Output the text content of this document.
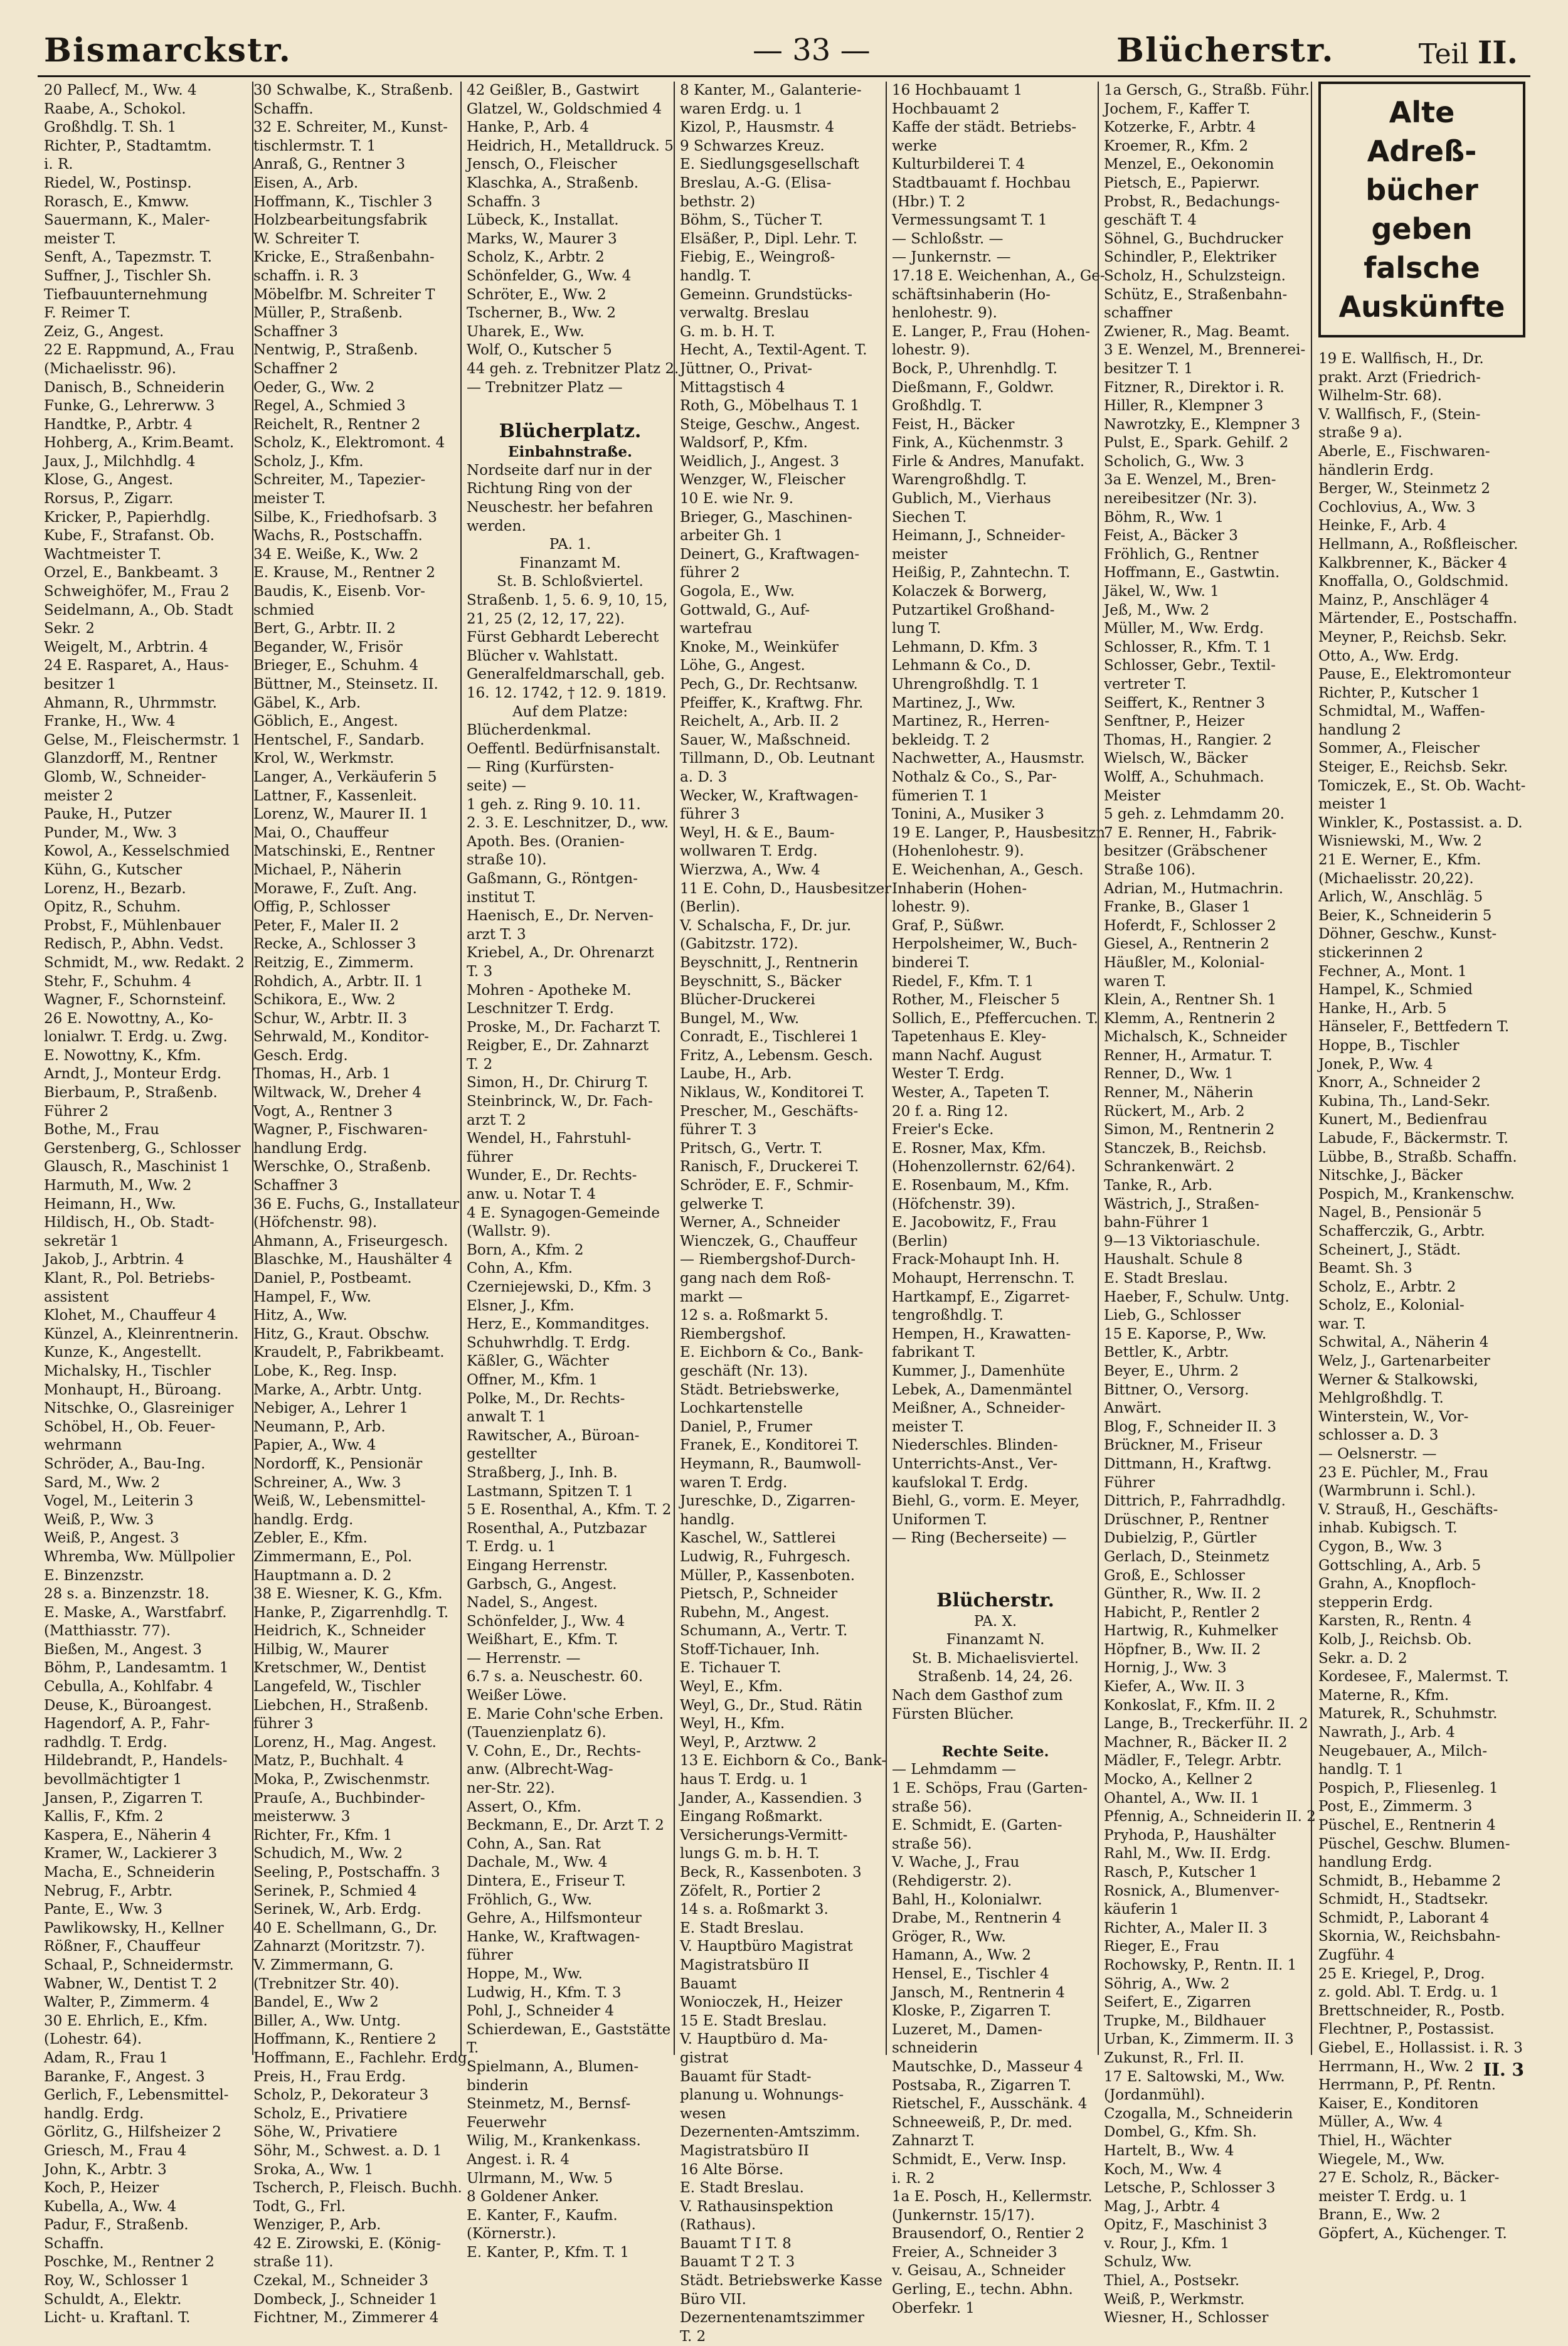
Bismarckstr.	— 33 —	Blücherstr.	Teil II.
20 Pallecf, M., Ww. 4
Raabe, A., Schokol.
Großhdlg. T. Sh. 1
Richter, P., Stadtamtm.
i. R.
Riedel, W., Postinsp.
Rorasch, E., Kmww.
Sauermann, K., Maler-
meister T.
Senft, A., Tapezmstr. T.
Suffner, J., Tischler Sh.
Tiefbauunternehmung
F. Reimer T.
Zeiz, G., Angest.
22 E. Rappmund, A., Frau
(Michaelisstr. 96).
Danisch, B., Schneiderin
Funke, G., Lehrerww. 3
Handtke, P., Arbtr. 4
Hohberg, A., Krim.Beamt.
Jaux, J., Milchhdlg. 4
Klose, G., Angest.
Rorsus, P., Zigarr.
Kricker, P., Papierhdlg.
Kube, F., Strafanst. Ob.
Wachtmeister T.
Orzel, E., Bankbeamt. 3
Schweighöfer, M., Frau 2
Seidelmann, A., Ob. Stadt
Sekr. 2
Weigelt, M., Arbtrin. 4
24 E. Rasparet, A., Haus-
besitzer 1
Ahmann, R., Uhrmmstr.
Franke, H., Ww. 4
Gelse, M., Fleischermstr. 1
Glanzdorff, M., Rentner
Glomb, W., Schneider-
meister 2
Pauke, H., Putzer
Punder, M., Ww. 3
Kowol, A., Kesselschmied
Kühn, G., Kutscher
Lorenz, H., Bezarb.
Opitz, R., Schuhm.
Probst, F., Mühlenbauer
Redisch, P., Abhn. Vedst.
Schmidt, M., ww. Redakt. 2
Stehr, F., Schuhm. 4
Wagner, F., Schornsteinf.
26 E. Nowottny, A., Ko-
lonialwr. T. Erdg. u. Zwg.
E. Nowottny, K., Kfm.
Arndt, J., Monteur Erdg.
Bierbaum, P., Straßenb.
Führer 2
Bothe, M., Frau
Gerstenberg, G., Schlosser
Glausch, R., Maschinist 1
Harmuth, M., Ww. 2
Heimann, H., Ww.
Hildisch, H., Ob. Stadt-
sekretär 1
Jakob, J., Arbtrin. 4
Klant, R., Pol. Betriebs-
assistent
Klohet, M., Chauffeur 4
Künzel, A., Kleinrentnerin.
Kunze, K., Angestellt.
Michalsky, H., Tischler
Monhaupt, H., Büroang.
Nitschke, O., Glasreiniger
Schöbel, H., Ob. Feuer-
wehrmann
Schröder, A., Bau-Ing.
Sard, M., Ww. 2
Vogel, M., Leiterin 3
Weiß, P., Ww. 3
Weiß, P., Angest. 3
Whremba, Ww. Müllpolier
E. Binzenzstr.
28 s. a. Binzenzstr. 18.
E. Maske, A., Warstfabrf.
(Matthiasstr. 77).
Bießen, M., Angest. 3
Böhm, P., Landesamtm. 1
Cebulla, A., Kohlfabr. 4
Deuse, K., Büroangest.
Hagendorf, A. P., Fahr-
radhdlg. T. Erdg.
Hildebrandt, P., Handels-
bevollmächtigter 1
Jansen, P., Zigarren T.
Kallis, F., Kfm. 2
Kaspera, E., Näherin 4
Kramer, W., Lackierer 3
Macha, E., Schneiderin
Nebrug, F., Arbtr.
Pante, E., Ww. 3
Pawlikowsky, H., Kellner
Rößner, F., Chauffeur
Schaal, P., Schneidermstr.
Wabner, W., Dentist T. 2
Walter, P., Zimmerm. 4
30 E. Ehrlich, E., Kfm.
(Lohestr. 64).
Adam, R., Frau 1
Baranke, F., Angest. 3
Gerlich, F., Lebensmittel-
handlg. Erdg.
Görlitz, G., Hilfsheizer 2
Griesch, M., Frau 4
John, K., Arbtr. 3
Koch, P., Heizer
Kubella, A., Ww. 4
Padur, F., Straßenb.
Schaffn.
Poschke, M., Rentner 2
Roy, W., Schlosser 1
Schuldt, A., Elektr.
Licht- u. Kraftanl. T.
30 Schwalbe, K., Straßenb.
Schaffn.
32 E. Schreiter, M., Kunst-
tischlermstr. T. 1
Anraß, G., Rentner 3
Eisen, A., Arb.
Hoffmann, K., Tischler 3
Holzbearbeitungsfabrik
W. Schreiter T.
Kricke, E., Straßenbahn-
schaffn. i. R. 3
Möbelfbr. M. Schreiter T
Müller, P., Straßenb.
Schaffner 3
Nentwig, P., Straßenb.
Schaffner 2
Oeder, G., Ww. 2
Regel, A., Schmied 3
Reichelt, R., Rentner 2
Scholz, K., Elektromont. 4
Scholz, J., Kfm.
Schreiter, M., Tapezier-
meister T.
Silbe, K., Friedhofsarb. 3
Wachs, R., Postschaffn.
34 E. Weiße, K., Ww. 2
E. Krause, M., Rentner 2
Baudis, K., Eisenb. Vor-
schmied
Bert, G., Arbtr. II. 2
Begander, W., Frisör
Brieger, E., Schuhm. 4
Büttner, M., Steinsetz. II.
Gäbel, K., Arb.
Göblich, E., Angest.
Hentschel, F., Sandarb.
Krol, W., Werkmstr.
Langer, A., Verkäuferin 5
Lattner, F., Kassenleit.
Lorenz, W., Maurer II. 1
Mai, O., Chauffeur
Matschinski, E., Rentner
Michael, P., Näherin
Morawe, F., Zuſt. Ang.
Offig, P., Schlosser
Peter, F., Maler II. 2
Recke, A., Schlosser 3
Reitzig, E., Zimmerm.
Rohdich, A., Arbtr. II. 1
Schikora, E., Ww. 2
Schur, W., Arbtr. II. 3
Sehrwald, M., Konditor-
Gesch. Erdg.
Thomas, H., Arb. 1
Wiltwack, W., Dreher 4
Vogt, A., Rentner 3
Wagner, P., Fischwaren-
handlung Erdg.
Werschke, O., Straßenb.
Schaffner 3
36 E. Fuchs, G., Installateur
(Höfchenstr. 98).
Ahmann, A., Friseurgesch.
Blaschke, M., Haushälter 4
Daniel, P., Postbeamt.
Hampel, F., Ww.
Hitz, A., Ww.
Hitz, G., Kraut. Obschw.
Kraudelt, P., Fabrikbeamt.
Lobe, K., Reg. Insp.
Marke, A., Arbtr. Untg.
Nebiger, A., Lehrer 1
Neumann, P., Arb.
Papier, A., Ww. 4
Nordorff, K., Pensionär
Schreiner, A., Ww. 3
Weiß, W., Lebensmittel-
handlg. Erdg.
Zebler, E., Kfm.
Zimmermann, E., Pol.
Hauptmann a. D. 2
38 E. Wiesner, K. G., Kfm.
Hanke, P., Zigarrenhdlg. T.
Heidrich, K., Schneider
Hilbig, W., Maurer
Kretschmer, W., Dentist
Langefeld, W., Tischler
Liebchen, H., Straßenb.
führer 3
Lorenz, H., Mag. Angest.
Matz, P., Buchhalt. 4
Moka, P., Zwischenmstr.
Prauſe, A., Buchbinder-
meisterww. 3
Richter, Fr., Kfm. 1
Schudich, M., Ww. 2
Seeling, P., Postschaffn. 3
Serinek, P., Schmied 4
Serinek, W., Arb. Erdg.
40 E. Schellmann, G., Dr.
Zahnarzt (Moritzstr. 7).
V. Zimmermann, G.
(Trebnitzer Str. 40).
Bandel, E., Ww 2
Biller, A., Ww. Untg.
Hoffmann, K., Rentiere 2
Hoffmann, E., Fachlehr. Erdg.
Preis, H., Frau Erdg.
Scholz, P., Dekorateur 3
Scholz, E., Privatiere
Söhe, W., Privatiere
Söhr, M., Schwest. a. D. 1
Sroka, A., Ww. 1
Tscherch, P., Fleisch. Buchh.
Todt, G., Frl.
Wenziger, P., Arb.
42 E. Zirowski, E. (König-
straße 11).
Czekal, M., Schneider 3
Dombeck, J., Schneider 1
Fichtner, M., Zimmerer 4
42 Geißler, B., Gastwirt
Glatzel, W., Goldschmied 4
Hanke, P., Arb. 4
Heidrich, H., Metalldruck. 5
Jensch, O., Fleischer
Klaschka, A., Straßenb.
Schaffn. 3
Lübeck, K., Installat.
Marks, W., Maurer 3
Scholz, K., Arbtr. 2
Schönfelder, G., Ww. 4
Schröter, E., Ww. 2
Tscherner, B., Ww. 2
Uharek, E., Ww.
Wolf, O., Kutscher 5
44 geh. z. Trebnitzer Platz 2.
— Trebnitzer Platz —

Blücherplatz.
Einbahnstraße.
Nordseite darf nur in der
Richtung Ring von der
Neuschestr. her befahren
werden.
PA. 1.
Finanzamt M.
St. B. Schloßviertel.
Straßenb. 1, 5. 6. 9, 10, 15,
21, 25 (2, 12, 17, 22).
Fürst Gebhardt Leberecht
Blücher v. Wahlstatt.
Generalfeldmarschall, geb.
16. 12. 1742, † 12. 9. 1819.
Auf dem Platze:
Blücherdenkmal.
Oeffentl. Bedürfnisanstalt.
— Ring (Kurfürsten-
seite) —
1 geh. z. Ring 9. 10. 11.
2. 3. E. Leschnitzer, D., ww.
Apoth. Bes. (Oranien-
straße 10).
Gaßmann, G., Röntgen-
institut T.
Haenisch, E., Dr. Nerven-
arzt T. 3
Kriebel, A., Dr. Ohrenarzt
T. 3
Mohren - Apotheke M.
Leschnitzer T. Erdg.
Proske, M., Dr. Facharzt T.
Reigber, E., Dr. Zahnarzt
T. 2
Simon, H., Dr. Chirurg T.
Steinbrinck, W., Dr. Fach-
arzt T. 2
Wendel, H., Fahrstuhl-
führer
Wunder, E., Dr. Rechts-
anw. u. Notar T. 4
4 E. Synagogen-Gemeinde
(Wallstr. 9).
Born, A., Kfm. 2
Cohn, A., Kfm.
Czerniejewski, D., Kfm. 3
Elsner, J., Kfm.
Herz, E., Kommanditges.
Schuhwrhdlg. T. Erdg.
Käßler, G., Wächter
Offner, M., Kfm. 1
Polke, M., Dr. Rechts-
anwalt T. 1
Rawitscher, A., Büroan-
gestellter
Straßberg, J., Inh. B.
Lastmann, Spitzen T. 1
5 E. Rosenthal, A., Kfm. T. 2
Rosenthal, A., Putzbazar
T. Erdg. u. 1
Eingang Herrenstr.
Garbsch, G., Angest.
Nadel, S., Angest.
Schönfelder, J., Ww. 4
Weißhart, E., Kfm. T.
— Herrenstr. —
6.7 s. a. Neuschestr. 60.
Weißer Löwe.
E. Marie Cohn'sche Erben.
(Tauenzienplatz 6).
V. Cohn, E., Dr., Rechts-
anw. (Albrecht-Wag-
ner-Str. 22).
Assert, O., Kfm.
Beckmann, E., Dr. Arzt T. 2
Cohn, A., San. Rat
Dachale, M., Ww. 4
Dintera, E., Friseur T.
Fröhlich, G., Ww.
Gehre, A., Hilfsmonteur
Hanke, W., Kraftwagen-
führer
Hoppe, M., Ww.
Ludwig, H., Kfm. T. 3
Pohl, J., Schneider 4
Schierdewan, E., Gaststätte
T.
Spielmann, A., Blumen-
binderin
Steinmetz, M., Bernsf-
Feuerwehr
Wilig, M., Krankenkass.
Angest. i. R. 4
Ulrmann, M., Ww. 5
8 Goldener Anker.
E. Kanter, F., Kaufm.
(Körnerstr.).
E. Kanter, P., Kfm. T. 1
8 Kanter, M., Galanterie-
waren Erdg. u. 1
Kizol, P., Hausmstr. 4
9 Schwarzes Kreuz.
E. Siedlungsgesellschaft
Breslau, A.-G. (Elisa-
bethstr. 2)
Böhm, S., Tücher T.
Elsäßer, P., Dipl. Lehr. T.
Fiebig, E., Weingroß-
handlg. T.
Gemeinn. Grundstücks-
verwaltg. Breslau
G. m. b. H. T.
Hecht, A., Textil-Agent. T.
Jüttner, O., Privat-
Mittagstisch 4
Roth, G., Möbelhaus T. 1
Steige, Geschw., Angest.
Waldsorf, P., Kfm.
Weidlich, J., Angest. 3
Wenzger, W., Fleischer
10 E. wie Nr. 9.
Brieger, G., Maschinen-
arbeiter Gh. 1
Deinert, G., Kraftwagen-
führer 2
Gogola, E., Ww.
Gottwald, G., Auf-
wartefrau
Knoke, M., Weinküfer
Löhe, G., Angest.
Pech, G., Dr. Rechtsanw.
Pfeiffer, K., Kraftwg. Fhr.
Reichelt, A., Arb. II. 2
Sauer, W., Maßschneid.
Tillmann, D., Ob. Leutnant
a. D. 3
Wecker, W., Kraftwagen-
führer 3
Weyl, H. & E., Baum-
wollwaren T. Erdg.
Wierzwa, A., Ww. 4
11 E. Cohn, D., Hausbesitzer
(Berlin).
V. Schalscha, F., Dr. jur.
(Gabitzstr. 172).
Beyschnitt, J., Rentnerin
Beyschnitt, S., Bäcker
Blücher-Druckerei
Bungel, M., Ww.
Conradt, E., Tischlerei 1
Fritz, A., Lebensm. Gesch.
Laube, H., Arb.
Niklaus, W., Konditorei T.
Prescher, M., Geschäfts-
führer T. 3
Pritsch, G., Vertr. T.
Ranisch, F., Druckerei T.
Schröder, E. F., Schmir-
gelwerke T.
Werner, A., Schneider
Wienczek, G., Chauffeur
— Riembergshof-Durch-
gang nach dem Roß-
markt —
12 s. a. Roßmarkt 5.
Riembergshof.
E. Eichborn & Co., Bank-
geschäft (Nr. 13).
Städt. Betriebswerke,
Lochkartenstelle
Daniel, P., Frumer
Franek, E., Konditorei T.
Heymann, R., Baumwoll-
waren T. Erdg.
Jureschke, D., Zigarren-
handlg.
Kaschel, W., Sattlerei
Ludwig, R., Fuhrgesch.
Müller, P., Kassenboten.
Pietsch, P., Schneider
Rubehn, M., Angest.
Schumann, A., Vertr. T.
Stoff-Tichauer, Inh.
E. Tichauer T.
Weyl, E., Kfm.
Weyl, G., Dr., Stud. Rätin
Weyl, H., Kfm.
Weyl, P., Arztww. 2
13 E. Eichborn & Co., Bank-
haus T. Erdg. u. 1
Jander, A., Kassendien. 3
Eingang Roßmarkt.
Versicherungs-Vermitt-
lungs G. m. b. H. T.
Beck, R., Kassenboten. 3
Zöfelt, R., Portier 2
14 s. a. Roßmarkt 3.
E. Stadt Breslau.
V. Hauptbüro Magistrat
Magistratsbüro II
Bauamt
Wonioczek, H., Heizer
15 E. Stadt Breslau.
V. Hauptbüro d. Ma-
gistrat
Bauamt für Stadt-
planung u. Wohnungs-
wesen
Dezernenten-Amtszimm.
Magistratsbüro II
16 Alte Börse.
E. Stadt Breslau.
V. Rathausinspektion
(Rathaus).
Bauamt T I T. 8
Bauamt T 2 T. 3
Städt. Betriebswerke Kasse
Büro VII.
Dezernentenamtszimmer
T. 2
16 Hochbauamt 1
Hochbauamt 2
Kaffe der städt. Betriebs-
werke
Kulturbilderei T. 4
Stadtbauamt f. Hochbau
(Hbr.) T. 2
Vermessungsamt T. 1
— Schloßstr. —
— Junkernstr. —
17.18 E. Weichenhan, A., Ge-
schäftsinhaberin (Ho-
henlohestr. 9).
E. Langer, P., Frau (Hohen-
lohestr. 9).
Bock, P., Uhrenhdlg. T.
Dießmann, F., Goldwr.
Großhdlg. T.
Feist, H., Bäcker
Fink, A., Küchenmstr. 3
Firle & Andres, Manufakt.
Warengroßhdlg. T.
Gublich, M., Vierhaus
Siechen T.
Heimann, J., Schneider-
meister
Heißig, P., Zahntechn. T.
Kolaczek & Borwerg,
Putzartikel Großhand-
lung T.
Lehmann, D. Kfm. 3
Lehmann & Co., D.
Uhrengroßhdlg. T. 1
Martinez, J., Ww.
Martinez, R., Herren-
bekleidg. T. 2
Nachwetter, A., Hausmstr.
Nothalz & Co., S., Par-
fümerien T. 1
Tonini, A., Musiker 3
19 E. Langer, P., Hausbesitzn.
(Hohenlohestr. 9).
E. Weichenhan, A., Gesch.
Inhaberin (Hohen-
lohestr. 9).
Graf, P., Süßwr.
Herpolsheimer, W., Buch-
binderei T.
Riedel, F., Kfm. T. 1
Rother, M., Fleischer 5
Sollich, E., Pfeffercuchen. T.
Tapetenhaus E. Kley-
mann Nachf. August
Wester T. Erdg.
Wester, A., Tapeten T.
20 f. a. Ring 12.
Freier's Ecke.
E. Rosner, Max, Kfm.
(Hohenzollernstr. 62/64).
E. Rosenbaum, M., Kfm.
(Höfchenstr. 39).
E. Jacobowitz, F., Frau
(Berlin)
Frack-Mohaupt Inh. H.
Mohaupt, Herrenschn. T.
Hartkampf, E., Zigarret-
tengroßhdlg. T.
Hempen, H., Krawatten-
fabrikant T.
Kummer, J., Damenhüte
Lebek, A., Damenmäntel
Meißner, A., Schneider-
meister T.
Niederschles. Blinden-
Unterrichts-Anst., Ver-
kaufslokal T. Erdg.
Biehl, G., vorm. E. Meyer,
Uniformen T.
— Ring (Becherseite) —

Blücherstr.
PA. X.
Finanzamt N.
St. B. Michaelisviertel.
Straßenb. 14, 24, 26.
Nach dem Gasthof zum
Fürsten Blücher.

Rechte Seite.
— Lehmdamm —
1 E. Schöps, Frau (Garten-
straße 56).
E. Schmidt, E. (Garten-
straße 56).
V. Wache, J., Frau
(Rehdigerstr. 2).
Bahl, H., Kolonialwr.
Drabe, M., Rentnerin 4
Gröger, R., Ww.
Hamann, A., Ww. 2
Hensel, E., Tischler 4
Jansch, M., Rentnerin 4
Kloske, P., Zigarren T.
Luzeret, M., Damen-
schneiderin
Mautschke, D., Masseur 4
Postsaba, R., Zigarren T.
Rietschel, F., Ausschänk. 4
Schneeweiß, P., Dr. med.
Zahnarzt T.
Schmidt, E., Verw. Insp.
i. R. 2
1a E. Posch, H., Kellermstr.
(Junkernstr. 15/17).
Brausendorf, O., Rentier 2
Freier, A., Schneider 3
v. Geisau, A., Schneider
Gerling, E., techn. Abhn.
Oberfekr. 1
1a Gersch, G., Straßb. Führ.
Jochem, F., Kaffer T.
Kotzerke, F., Arbtr. 4
Kroemer, R., Kfm. 2
Menzel, E., Oekonomin
Pietsch, E., Papierwr.
Probst, R., Bedachungs-
geschäft T. 4
Söhnel, G., Buchdrucker
Schindler, P., Elektriker
Scholz, H., Schulzsteign.
Schütz, E., Straßenbahn-
schaffner
Zwiener, R., Mag. Beamt.
3 E. Wenzel, M., Brennerei-
besitzer T. 1
Fitzner, R., Direktor i. R.
Hiller, R., Klempner 3
Nawrotzky, E., Klempner 3
Pulst, E., Spark. Gehilf. 2
Scholich, G., Ww. 3
3a E. Wenzel, M., Bren-
nereibesitzer (Nr. 3).
Böhm, R., Ww. 1
Feist, A., Bäcker 3
Fröhlich, G., Rentner
Hoffmann, E., Gastwtin.
Jäkel, W., Ww. 1
Jeß, M., Ww. 2
Müller, M., Ww. Erdg.
Schlosser, R., Kfm. T. 1
Schlosser, Gebr., Textil-
vertreter T.
Seiffert, K., Rentner 3
Senftner, P., Heizer
Thomas, H., Rangier. 2
Wielsch, W., Bäcker
Wolff, A., Schuhmach.
Meister
5 geh. z. Lehmdamm 20.
7 E. Renner, H., Fabrik-
besitzer (Gräbschener
Straße 106).
Adrian, M., Hutmachrin.
Franke, B., Glaser 1
Hoferdt, F., Schlosser 2
Giesel, A., Rentnerin 2
Häußler, M., Kolonial-
waren T.
Klein, A., Rentner Sh. 1
Klemm, A., Rentnerin 2
Michalsch, K., Schneider
Renner, H., Armatur. T.
Renner, D., Ww. 1
Renner, M., Näherin
Rückert, M., Arb. 2
Simon, M., Rentnerin 2
Stanczek, B., Reichsb.
Schrankenwärt. 2
Tanke, R., Arb.
Wästrich, J., Straßen-
bahn-Führer 1
9—13 Viktoriaschule.
Haushalt. Schule 8
E. Stadt Breslau.
Haeber, F., Schulw. Untg.
Lieb, G., Schlosser
15 E. Kaporse, P., Ww.
Bettler, K., Arbtr.
Beyer, E., Uhrm. 2
Bittner, O., Versorg.
Anwärt.
Blog, F., Schneider II. 3
Brückner, M., Friseur
Dittmann, H., Kraftwg.
Führer
Dittrich, P., Fahrradhdlg.
Drüschner, P., Rentner
Dubielzig, P., Gürtler
Gerlach, D., Steinmetz
Groß, E., Schlosser
Günther, R., Ww. II. 2
Habicht, P., Rentler 2
Hartwig, R., Kuhmelker
Höpfner, B., Ww. II. 2
Hornig, J., Ww. 3
Kiefer, A., Ww. II. 3
Konkoslat, F., Kfm. II. 2
Lange, B., Treckerführ. II. 2
Machner, R., Bäcker II. 2
Mädler, F., Telegr. Arbtr.
Mocko, A., Kellner 2
Ohantel, A., Ww. II. 1
Pfennig, A., Schneiderin II. 2
Pryhoda, P., Haushälter
Rahl, M., Ww. II. Erdg.
Rasch, P., Kutscher 1
Rosnick, A., Blumenver-
käuferin 1
Richter, A., Maler II. 3
Rieger, E., Frau
Rochowsky, P., Rentn. II. 1
Söhrig, A., Ww. 2
Seifert, E., Zigarren
Trupke, M., Bildhauer
Urban, K., Zimmerm. II. 3
Zukunst, R., Frl. II.
17 E. Saltowski, M., Ww.
(Jordanmühl).
Czogalla, M., Schneiderin
Dombel, G., Kfm. Sh.
Hartelt, B., Ww. 4
Koch, M., Ww. 4
Letsche, P., Schlosser 3
Mag, J., Arbtr. 4
Opitz, F., Maschinist 3
v. Rour, J., Kfm. 1
Schulz, Ww.
Thiel, A., Postsekr.
Weiß, P., Werkmstr.
Wiesner, H., Schlosser
Alte
Adreß-
bücher
geben
falsche
Auskünfte
19 E. Wallfisch, H., Dr.
prakt. Arzt (Friedrich-
Wilhelm-Str. 68).
V. Wallfisch, F., (Stein-
straße 9 a).
Aberle, E., Fischwaren-
händlerin Erdg.
Berger, W., Steinmetz 2
Cochlovius, A., Ww. 3
Heinke, F., Arb. 4
Hellmann, A., Roßfleischer.
Kalkbrenner, K., Bäcker 4
Knoffalla, O., Goldschmid.
Mainz, P., Anschläger 4
Märtender, E., Postschaffn.
Meyner, P., Reichsb. Sekr.
Otto, A., Ww. Erdg.
Pause, E., Elektromonteur
Richter, P., Kutscher 1
Schmidtal, M., Waffen-
handlung 2
Sommer, A., Fleischer
Steiger, E., Reichsb. Sekr.
Tomiczek, E., St. Ob. Wacht-
meister 1
Winkler, K., Postassist. a. D.
Wisniewski, M., Ww. 2
21 E. Werner, E., Kfm.
(Michaelisstr. 20,22).
Arlich, W., Anschläg. 5
Beier, K., Schneiderin 5
Döhner, Geschw., Kunst-
stickerinnen 2
Fechner, A., Mont. 1
Hampel, K., Schmied
Hanke, H., Arb. 5
Hänseler, F., Bettfedern T.
Hoppe, B., Tischler
Jonek, P., Ww. 4
Knorr, A., Schneider 2
Kubina, Th., Land-Sekr.
Kunert, M., Bedienfrau
Labude, F., Bäckermstr. T.
Lübbe, B., Straßb. Schaffn.
Nitschke, J., Bäcker
Pospich, M., Krankenschw.
Nagel, B., Pensionär 5
Schafferczik, G., Arbtr.
Scheinert, J., Städt.
Beamt. Sh. 3
Scholz, E., Arbtr. 2
Scholz, E., Kolonial-
war. T.
Schwital, A., Näherin 4
Welz, J., Gartenarbeiter
Werner & Stalkowski,
Mehlgroßhdlg. T.
Winterstein, W., Vor-
schlosser a. D. 3
— Oelsnerstr. —
23 E. Püchler, M., Frau
(Warmbrunn i. Schl.).
V. Strauß, H., Geschäfts-
inhab. Kubigsch. T.
Cygon, B., Ww. 3
Gottschling, A., Arb. 5
Grahn, A., Knopfloch-
stepperin Erdg.
Karsten, R., Rentn. 4
Kolb, J., Reichsb. Ob.
Sekr. a. D. 2
Kordesee, F., Malermst. T.
Materne, R., Kfm.
Maturek, R., Schuhmstr.
Nawrath, J., Arb. 4
Neugebauer, A., Milch-
handlg. T. 1
Pospich, P., Fliesenleg. 1
Post, E., Zimmerm. 3
Püschel, E., Rentnerin 4
Püschel, Geschw. Blumen-
handlung Erdg.
Schmidt, B., Hebamme 2
Schmidt, H., Stadtsekr.
Schmidt, P., Laborant 4
Skornia, W., Reichsbahn-
Zugführ. 4
25 E. Kriegel, P., Drog.
z. gold. Abl. T. Erdg. u. 1
Brettschneider, R., Postb.
Flechtner, P., Postassist.
Giebel, E., Hollassist. i. R. 3
Herrmann, H., Ww. 2
Herrmann, P., Pf. Rentn.
Kaiser, E., Konditoren
Müller, A., Ww. 4
Thiel, H., Wächter
Wiegele, M., Ww.
27 E. Scholz, R., Bäcker-
meister T. Erdg. u. 1
Brann, E., Ww. 2
Göpfert, A., Küchenger. T.
II. 3
